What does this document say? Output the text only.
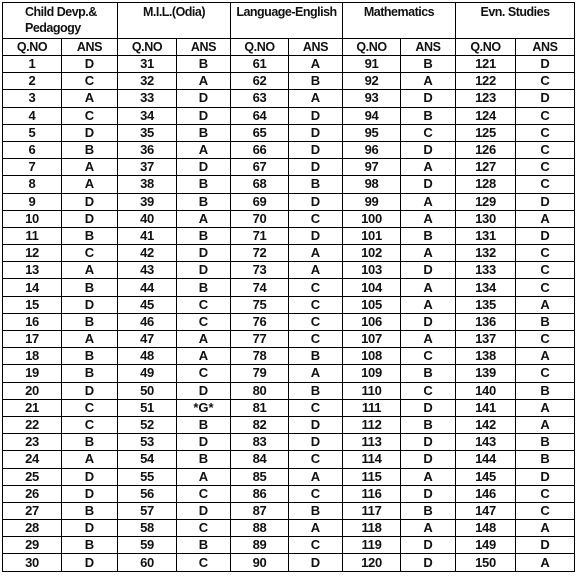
Child Devp.& Pedagogy		M.I.L.(Odia)		Language-English		Mathematics		Evn. Studies	
Q.NO	ANS	Q.NO	ANS	Q.NO	ANS	Q.NO	ANS	Q.NO	ANS
1	D	31	B	61	A	91	B	121	D
2	C	32	A	62	B	92	A	122	C
3	A	33	D	63	A	93	D	123	D
4	C	34	D	64	D	94	B	124	C
5	D	35	B	65	D	95	C	125	C
6	B	36	A	66	D	96	D	126	C
7	A	37	D	67	D	97	A	127	C
8	A	38	B	68	B	98	D	128	C
9	D	39	B	69	D	99	A	129	D
10	D	40	A	70	C	100	A	130	A
11	B	41	B	71	D	101	B	131	D
12	C	42	D	72	A	102	A	132	C
13	A	43	D	73	A	103	D	133	C
14	B	44	B	74	C	104	A	134	C
15	D	45	C	75	C	105	A	135	A
16	B	46	C	76	C	106	D	136	B
17	A	47	A	77	C	107	A	137	C
18	B	48	A	78	B	108	C	138	A
19	B	49	C	79	A	109	B	139	C
20	D	50	D	80	B	110	C	140	B
21	C	51	*G*	81	C	111	D	141	A
22	C	52	B	82	D	112	B	142	A
23	B	53	D	83	D	113	D	143	B
24	A	54	B	84	C	114	D	144	B
25	D	55	A	85	A	115	A	145	D
26	D	56	C	86	C	116	D	146	C
27	B	57	D	87	B	117	B	147	C
28	D	58	C	88	A	118	A	148	A
29	B	59	B	89	C	119	D	149	D
30	D	60	C	90	D	120	D	150	A
